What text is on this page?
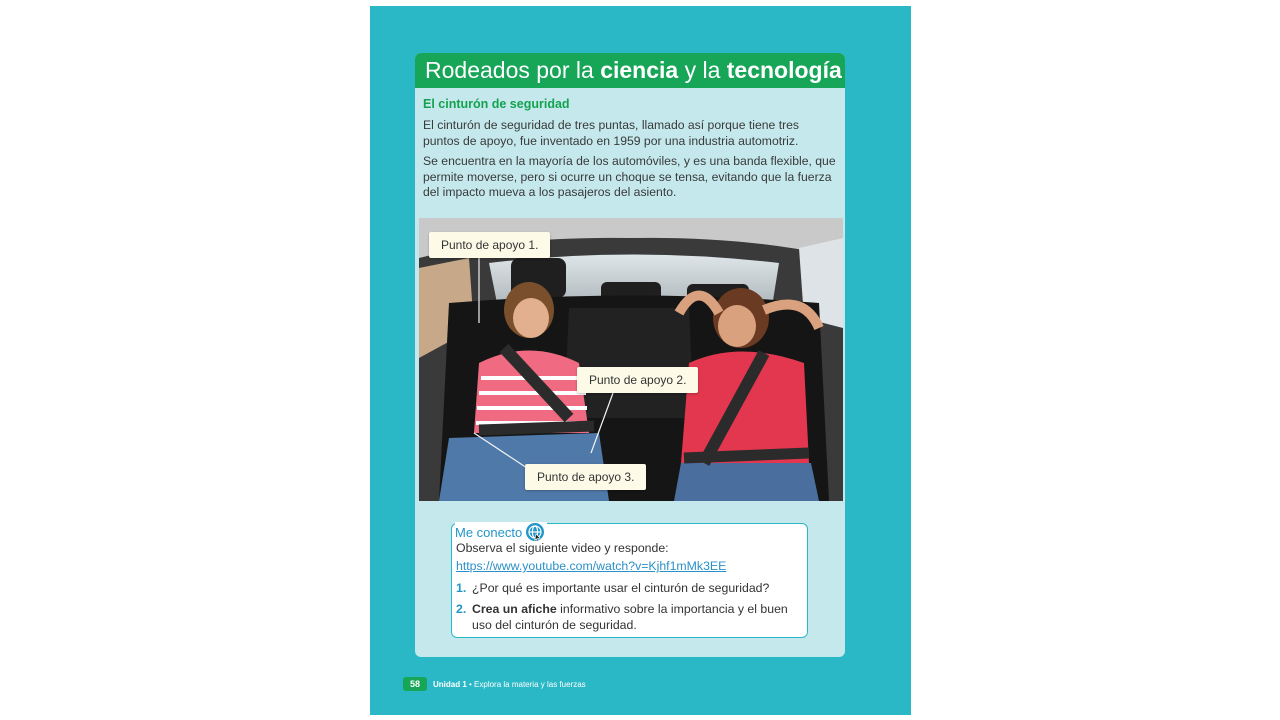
Rodeados por la ciencia y la tecnología
El cinturón de seguridad

El cinturón de seguridad de tres puntas, llamado así porque tiene tres puntos de apoyo, fue inventado en 1959 por una industria automotriz.

Se encuentra en la mayoría de los automóviles, y es una banda flexible, que permite moverse, pero si ocurre un choque se tensa, evitando que la fuerza del impacto mueva a los pasajeros del asiento.

Punto de apoyo 1.
Punto de apoyo 2.
Punto de apoyo 3.
Me conecto
Observa el siguiente video y responde:
https://www.youtube.com/watch?v=Kjhf1mMk3EE
1. ¿Por qué es importante usar el cinturón de seguridad?
2. Crea un afiche informativo sobre la importancia y el buen uso del cinturón de seguridad.
58	Unidad 1 • Explora la materia y las fuerzas
